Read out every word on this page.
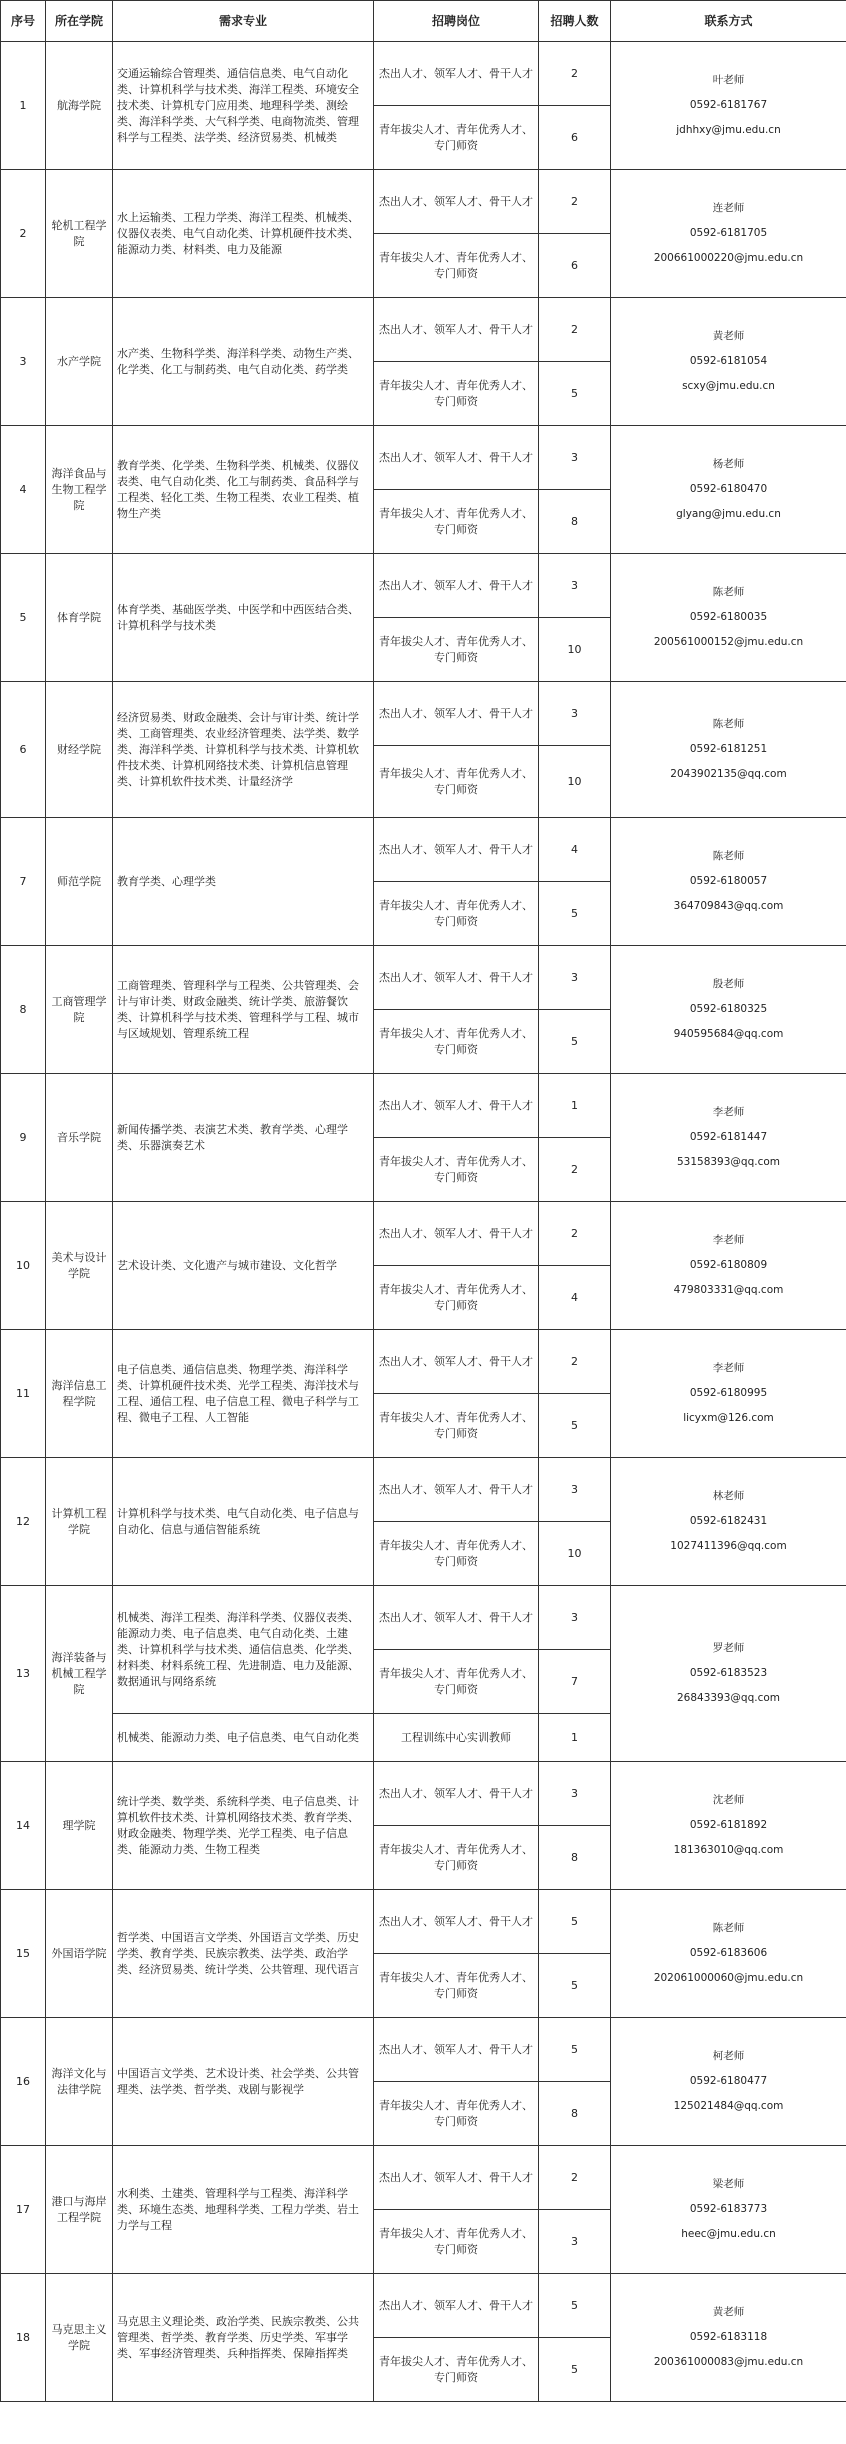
序号	所在学院	需求专业	招聘岗位	招聘人数	联系方式
1	航海学院	交通运输综合管理类、通信信息类、电气自动化类、计算机科学与技术类、海洋工程类、环境安全技术类、计算机专门应用类、地理科学类、测绘类、海洋科学类、大气科学类、电商物流类、管理科学与工程类、法学类、经济贸易类、机械类	杰出人才、领军人才、骨干人才	2	叶老师
0592-6181767
jdhhxy@jmu.edu.cn

			青年拔尖人才、青年优秀人才、专门师资	6	
2	轮机工程学院	水上运输类、工程力学类、海洋工程类、机械类、仪器仪表类、电气自动化类、计算机硬件技术类、能源动力类、材料类、电力及能源	杰出人才、领军人才、骨干人才	2	连老师
0592-6181705
200661000220@jmu.edu.cn

			青年拔尖人才、青年优秀人才、专门师资	6	
3	水产学院	水产类、生物科学类、海洋科学类、动物生产类、化学类、化工与制药类、电气自动化类、药学类	杰出人才、领军人才、骨干人才	2	黄老师
0592-6181054
scxy@jmu.edu.cn

			青年拔尖人才、青年优秀人才、专门师资	5	
4	海洋食品与生物工程学院	教育学类、化学类、生物科学类、机械类、仪器仪表类、电气自动化类、化工与制药类、食品科学与工程类、轻化工类、生物工程类、农业工程类、植物生产类	杰出人才、领军人才、骨干人才	3	杨老师
0592-6180470
glyang@jmu.edu.cn

			青年拔尖人才、青年优秀人才、专门师资	8	
5	体育学院	体育学类、基础医学类、中医学和中西医结合类、计算机科学与技术类	杰出人才、领军人才、骨干人才	3	陈老师
0592-6180035
200561000152@jmu.edu.cn

			青年拔尖人才、青年优秀人才、专门师资	10	
6	财经学院	经济贸易类、财政金融类、会计与审计类、统计学类、工商管理类、农业经济管理类、法学类、数学类、海洋科学类、计算机科学与技术类、计算机软件技术类、计算机网络技术类、计算机信息管理类、计算机软件技术类、计量经济学	杰出人才、领军人才、骨干人才	3	陈老师
0592-6181251
2043902135@qq.com

			青年拔尖人才、青年优秀人才、专门师资	10	
7	师范学院	教育学类、心理学类	杰出人才、领军人才、骨干人才	4	陈老师
0592-6180057
364709843@qq.com

			青年拔尖人才、青年优秀人才、专门师资	5	
8	工商管理学院	工商管理类、管理科学与工程类、公共管理类、会计与审计类、财政金融类、统计学类、旅游餐饮类、计算机科学与技术类、管理科学与工程、城市与区域规划、管理系统工程	杰出人才、领军人才、骨干人才	3	殷老师
0592-6180325
940595684@qq.com

			青年拔尖人才、青年优秀人才、专门师资	5	
9	音乐学院	新闻传播学类、表演艺术类、教育学类、心理学类、乐器演奏艺术	杰出人才、领军人才、骨干人才	1	李老师
0592-6181447
53158393@qq.com

			青年拔尖人才、青年优秀人才、专门师资	2	
10	美术与设计学院	艺术设计类、文化遗产与城市建设、文化哲学	杰出人才、领军人才、骨干人才	2	李老师
0592-6180809
479803331@qq.com

			青年拔尖人才、青年优秀人才、专门师资	4	
11	海洋信息工程学院	电子信息类、通信信息类、物理学类、海洋科学类、计算机硬件技术类、光学工程类、海洋技术与工程、通信工程、电子信息工程、微电子科学与工程、微电子工程、人工智能	杰出人才、领军人才、骨干人才	2	李老师
0592-6180995
licyxm@126.com

			青年拔尖人才、青年优秀人才、专门师资	5	
12	计算机工程学院	计算机科学与技术类、电气自动化类、电子信息与自动化、信息与通信智能系统	杰出人才、领军人才、骨干人才	3	林老师
0592-6182431
1027411396@qq.com

			青年拔尖人才、青年优秀人才、专门师资	10	
13	海洋装备与机械工程学院	机械类、海洋工程类、海洋科学类、仪器仪表类、能源动力类、电子信息类、电气自动化类、土建类、计算机科学与技术类、通信信息类、化学类、材料类、材料系统工程、先进制造、电力及能源、数据通讯与网络系统	杰出人才、领军人才、骨干人才	3	罗老师
0592-6183523
26843393@qq.com

			青年拔尖人才、青年优秀人才、专门师资	7	
		机械类、能源动力类、电子信息类、电气自动化类	工程训练中心实训教师	1	
14	理学院	统计学类、数学类、系统科学类、电子信息类、计算机软件技术类、计算机网络技术类、教育学类、财政金融类、物理学类、光学工程类、电子信息类、能源动力类、生物工程类	杰出人才、领军人才、骨干人才	3	沈老师
0592-6181892
181363010@qq.com

			青年拔尖人才、青年优秀人才、专门师资	8	
15	外国语学院	哲学类、中国语言文学类、外国语言文学类、历史学类、教育学类、民族宗教类、法学类、政治学类、经济贸易类、统计学类、公共管理、现代语言	杰出人才、领军人才、骨干人才	5	陈老师
0592-6183606
202061000060@jmu.edu.cn

			青年拔尖人才、青年优秀人才、专门师资	5	
16	海洋文化与法律学院	中国语言文学类、艺术设计类、社会学类、公共管理类、法学类、哲学类、戏剧与影视学	杰出人才、领军人才、骨干人才	5	柯老师
0592-6180477
125021484@qq.com

			青年拔尖人才、青年优秀人才、专门师资	8	
17	港口与海岸工程学院	水利类、土建类、管理科学与工程类、海洋科学类、环境生态类、地理科学类、工程力学类、岩土力学与工程	杰出人才、领军人才、骨干人才	2	梁老师
0592-6183773
heec@jmu.edu.cn

			青年拔尖人才、青年优秀人才、专门师资	3	
18	马克思主义学院	马克思主义理论类、政治学类、民族宗教类、公共管理类、哲学类、教育学类、历史学类、军事学类、军事经济管理类、兵种指挥类、保障指挥类	杰出人才、领军人才、骨干人才	5	黄老师
0592-6183118
200361000083@jmu.edu.cn

			青年拔尖人才、青年优秀人才、专门师资	5	
